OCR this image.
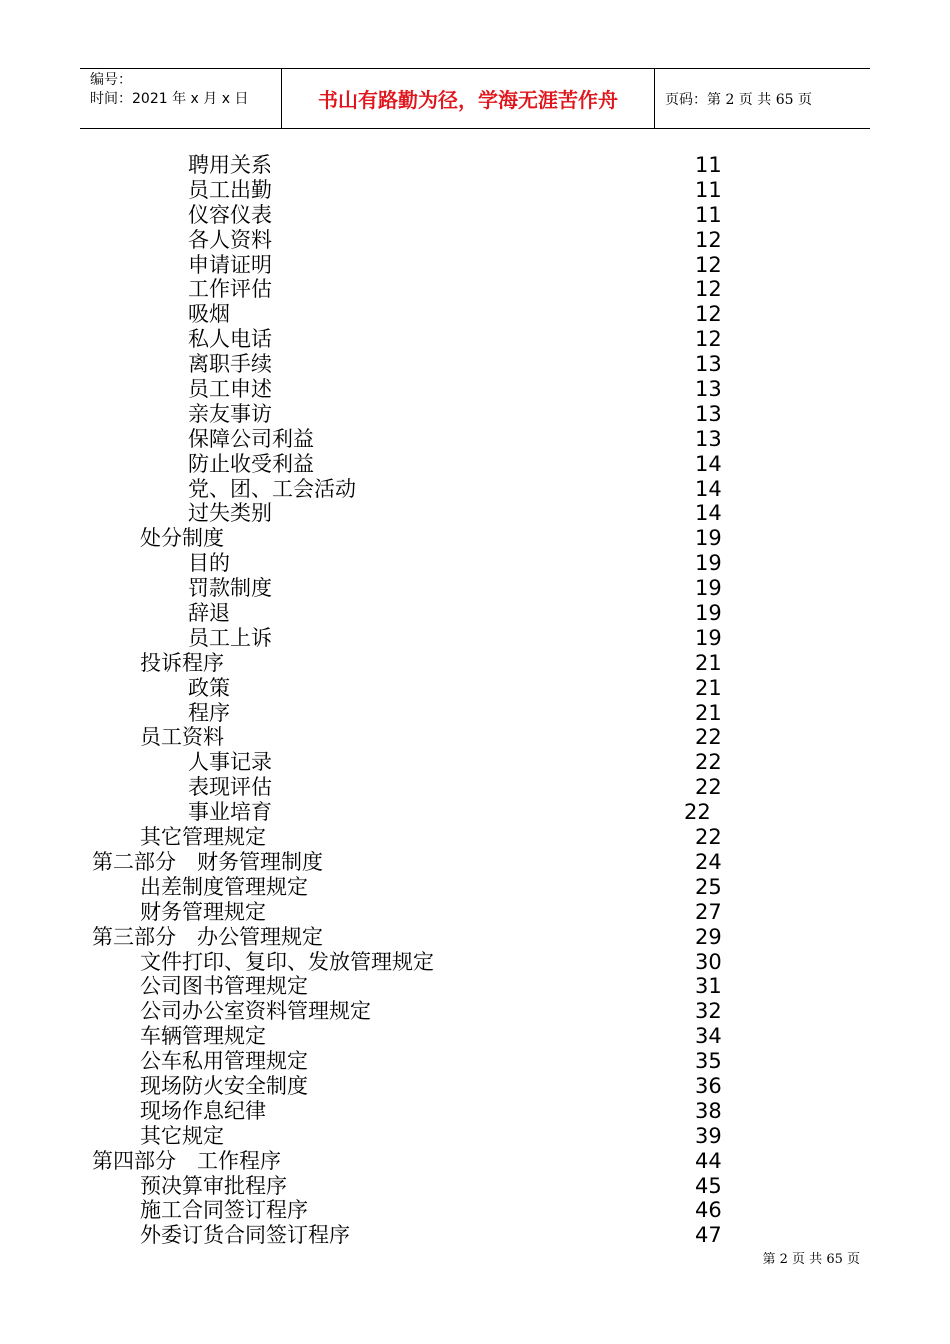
编号：
时间：2021 年 x 月 x 日	书山有路勤为径，学海无涯苦作舟	页码：第 2 页 共 65 页
聘用关系	11
员工出勤	11
仪容仪表	11
各人资料	12
申请证明	12
工作评估	12
吸烟	12
私人电话	12
离职手续	13
员工申述	13
亲友事访	13
保障公司利益	13
防止收受利益	14
党、团、工会活动	14
过失类别	14
处分制度	19
目的	19
罚款制度	19
辞退	19
员工上诉	19
投诉程序	21
政策	21
程序	21
员工资料	22
人事记录	22
表现评估	22
事业培育	22
其它管理规定	22
第二部分　财务管理制度	24
出差制度管理规定	25
财务管理规定	27
第三部分　办公管理规定	29
文件打印、复印、发放管理规定	30
公司图书管理规定	31
公司办公室资料管理规定	32
车辆管理规定	34
公车私用管理规定	35
现场防火安全制度	36
现场作息纪律	38
其它规定	39
第四部分　工作程序	44
预决算审批程序	45
施工合同签订程序	46
外委订货合同签订程序	47
第 2 页 共 65 页
